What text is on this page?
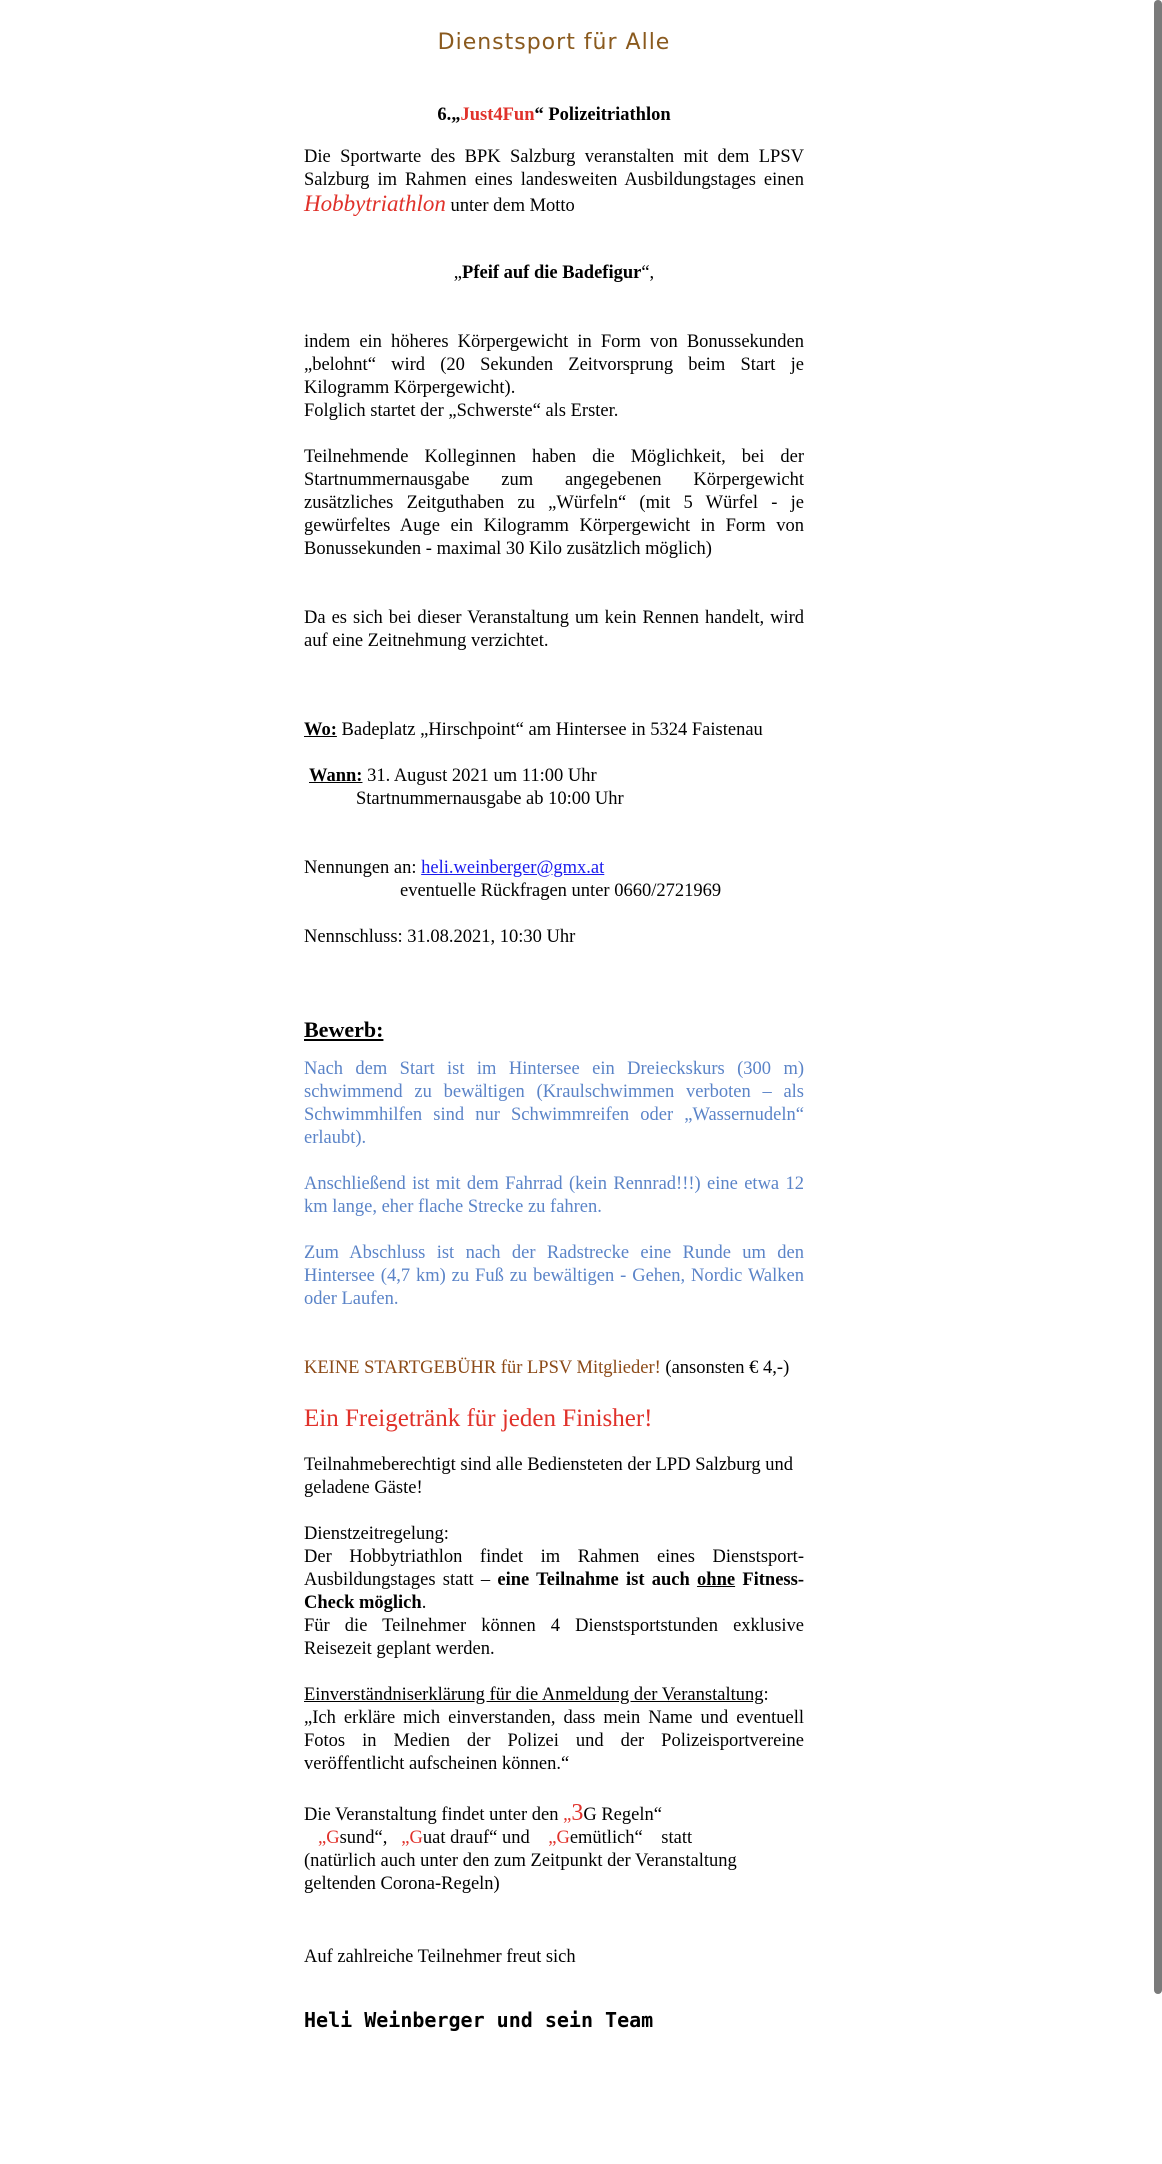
Dienstsport für Alle

6.„Just4Fun“ Polizeitriathlon

Die Sportwarte des BPK Salzburg veranstalten mit dem LPSV Salzburg im Rahmen eines landesweiten Ausbildungstages einen Hobbytriathlon unter dem Motto

„Pfeif auf die Badefigur“,

indem ein höheres Körpergewicht in Form von Bonussekunden „belohnt“ wird (20 Sekunden Zeitvorsprung beim Start je Kilogramm Körpergewicht).

Folglich startet der „Schwerste“ als Erster.

Teilnehmende Kolleginnen haben die Möglichkeit, bei der Startnummernausgabe zum angegebenen Körpergewicht zusätzliches Zeitguthaben zu „Würfeln“ (mit 5 Würfel - je gewürfeltes Auge ein Kilogramm Körpergewicht in Form von Bonussekunden - maximal 30 Kilo zusätzlich möglich)

Da es sich bei dieser Veranstaltung um kein Rennen handelt, wird auf eine Zeitnehmung verzichtet.

Wo: Badeplatz „Hirschpoint“ am Hintersee in 5324 Faistenau

Wann: 31. August 2021 um 11:00 Uhr

Startnummernausgabe ab 10:00 Uhr

Nennungen an: heli.weinberger@gmx.at

eventuelle Rückfragen unter 0660/2721969

Nennschluss: 31.08.2021, 10:30 Uhr

Bewerb:

Nach dem Start ist im Hintersee ein Dreieckskurs (300 m) schwimmend zu bewältigen (Kraulschwimmen verboten – als Schwimmhilfen sind nur Schwimmreifen oder „Wassernudeln“ erlaubt).

Anschließend ist mit dem Fahrrad (kein Rennrad!!!) eine etwa 12 km lange, eher flache Strecke zu fahren.

Zum Abschluss ist nach der Radstrecke eine Runde um den Hintersee (4,7 km) zu Fuß zu bewältigen - Gehen, Nordic Walken oder Laufen.

KEINE STARTGEBÜHR für LPSV Mitglieder! (ansonsten € 4,-)

Ein Freigetränk für jeden Finisher!

Teilnahmeberechtigt sind alle Bediensteten der LPD Salzburg und geladene Gäste!

Dienstzeitregelung:

Der Hobbytriathlon findet im Rahmen eines Dienstsport-Ausbildungstages statt – eine Teilnahme ist auch ohne Fitness-Check möglich.

Für die Teilnehmer können 4 Dienstsportstunden exklusive Reisezeit geplant werden.

Einverständniserklärung für die Anmeldung der Veranstaltung:

„Ich erkläre mich einverstanden, dass mein Name und eventuell Fotos in Medien der Polizei und der Polizeisportvereine veröffentlicht aufscheinen können.“

Die Veranstaltung findet unter den „3G Regeln“

„Gsund“, „Guat drauf“ und „Gemütlich“ statt

(natürlich auch unter den zum Zeitpunkt der Veranstaltung geltenden Corona-Regeln)

Auf zahlreiche Teilnehmer freut sich

Heli Weinberger und sein Team
